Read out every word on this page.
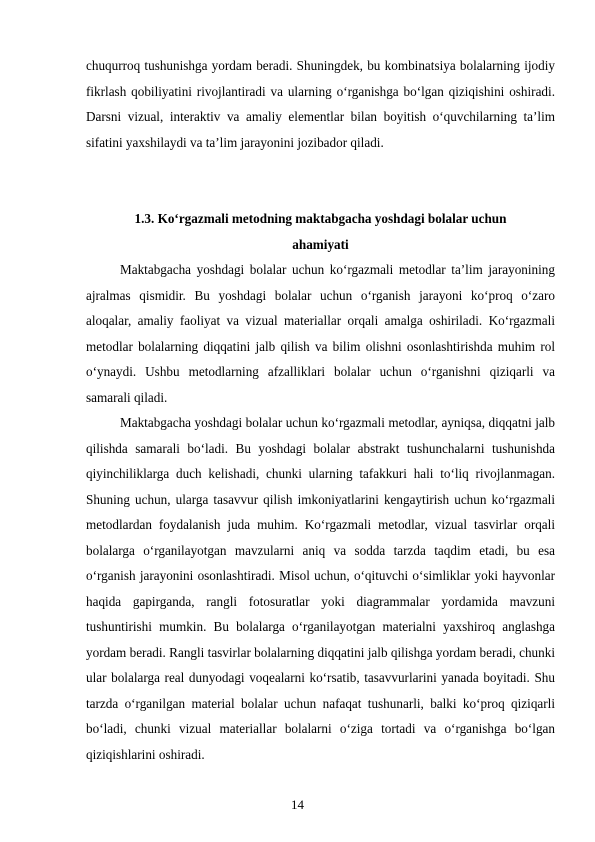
chuqurroq tushunishga yordam beradi. Shuningdek, bu kombinatsiya bolalarning ijodiy fikrlash qobiliyatini rivojlantiradi va ularning o‘rganishga bo‘lgan qiziqishini oshiradi. Darsni vizual, interaktiv va amaliy elementlar bilan boyitish o‘quvchilarning ta’lim sifatini yaxshilaydi va ta’lim jarayonini jozibador qiladi.

1.3. Ko‘rgazmali metodning maktabgacha yoshdagi bolalar uchun ahamiyati

Maktabgacha yoshdagi bolalar uchun ko‘rgazmali metodlar ta’lim jarayonining ajralmas qismidir. Bu yoshdagi bolalar uchun o‘rganish jarayoni ko‘proq o‘zaro aloqalar, amaliy faoliyat va vizual materiallar orqali amalga oshiriladi. Ko‘rgazmali metodlar bolalarning diqqatini jalb qilish va bilim olishni osonlashtirishda muhim rol o‘ynaydi. Ushbu metodlarning afzalliklari bolalar uchun o‘rganishni qiziqarli va samarali qiladi.

Maktabgacha yoshdagi bolalar uchun ko‘rgazmali metodlar, ayniqsa, diqqatni jalb qilishda samarali bo‘ladi. Bu yoshdagi bolalar abstrakt tushunchalarni tushunishda qiyinchiliklarga duch kelishadi, chunki ularning tafakkuri hali to‘liq rivojlanmagan. Shuning uchun, ularga tasavvur qilish imkoniyatlarini kengaytirish uchun ko‘rgazmali metodlardan foydalanish juda muhim. Ko‘rgazmali metodlar, vizual tasvirlar orqali bolalarga o‘rganilayotgan mavzularni aniq va sodda tarzda taqdim etadi, bu esa o‘rganish jarayonini osonlashtiradi. Misol uchun, o‘qituvchi o‘simliklar yoki hayvonlar haqida gapirganda, rangli fotosuratlar yoki diagrammalar yordamida mavzuni tushuntirishi mumkin. Bu bolalarga o‘rganilayotgan materialni yaxshiroq anglashga yordam beradi. Rangli tasvirlar bolalarning diqqatini jalb qilishga yordam beradi, chunki ular bolalarga real dunyodagi voqealarni ko‘rsatib, tasavvurlarini yanada boyitadi. Shu tarzda o‘rganilgan material bolalar uchun nafaqat tushunarli, balki ko‘proq qiziqarli bo‘ladi, chunki vizual materiallar bolalarni o‘ziga tortadi va o‘rganishga bo‘lgan qiziqishlarini oshiradi.

14
